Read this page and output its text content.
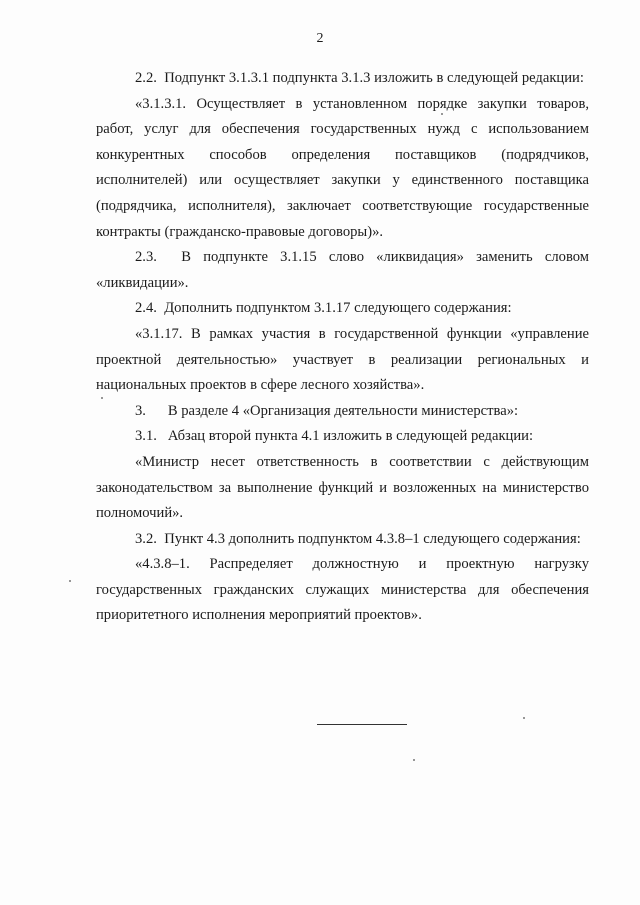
2

2.2.  Подпункт 3.1.3.1 подпункта 3.1.3 изложить в следующей редакции:

«3.1.3.1. Осуществляет в установленном порядке закупки товаров, работ, услуг для обеспечения государственных нужд с использованием конкурентных способов определения поставщиков (подрядчиков, исполнителей) или осуществляет закупки у единственного поставщика (подрядчика, исполнителя), заключает соответствующие государственные контракты (гражданско-правовые договоры)».

2.3.  В подпункте 3.1.15 слово «ликвидация» заменить словом «ликвидации».

2.4.  Дополнить подпунктом 3.1.17 следующего содержания:

«3.1.17. В рамках участия в государственной функции «управление проектной деятельностью» участвует в реализации региональных и национальных проектов в сфере лесного хозяйства».

3.      В разделе 4 «Организация деятельности министерства»:

3.1.   Абзац второй пункта 4.1 изложить в следующей редакции:

«Министр несет ответственность в соответствии с действующим законодательством за выполнение функций и возложенных на министерство полномочий».

3.2.  Пункт 4.3 дополнить подпунктом 4.3.8–1 следующего содержания:

«4.3.8–1. Распределяет должностную и проектную нагрузку государственных гражданских служащих министерства для обеспечения приоритетного исполнения мероприятий проектов».
